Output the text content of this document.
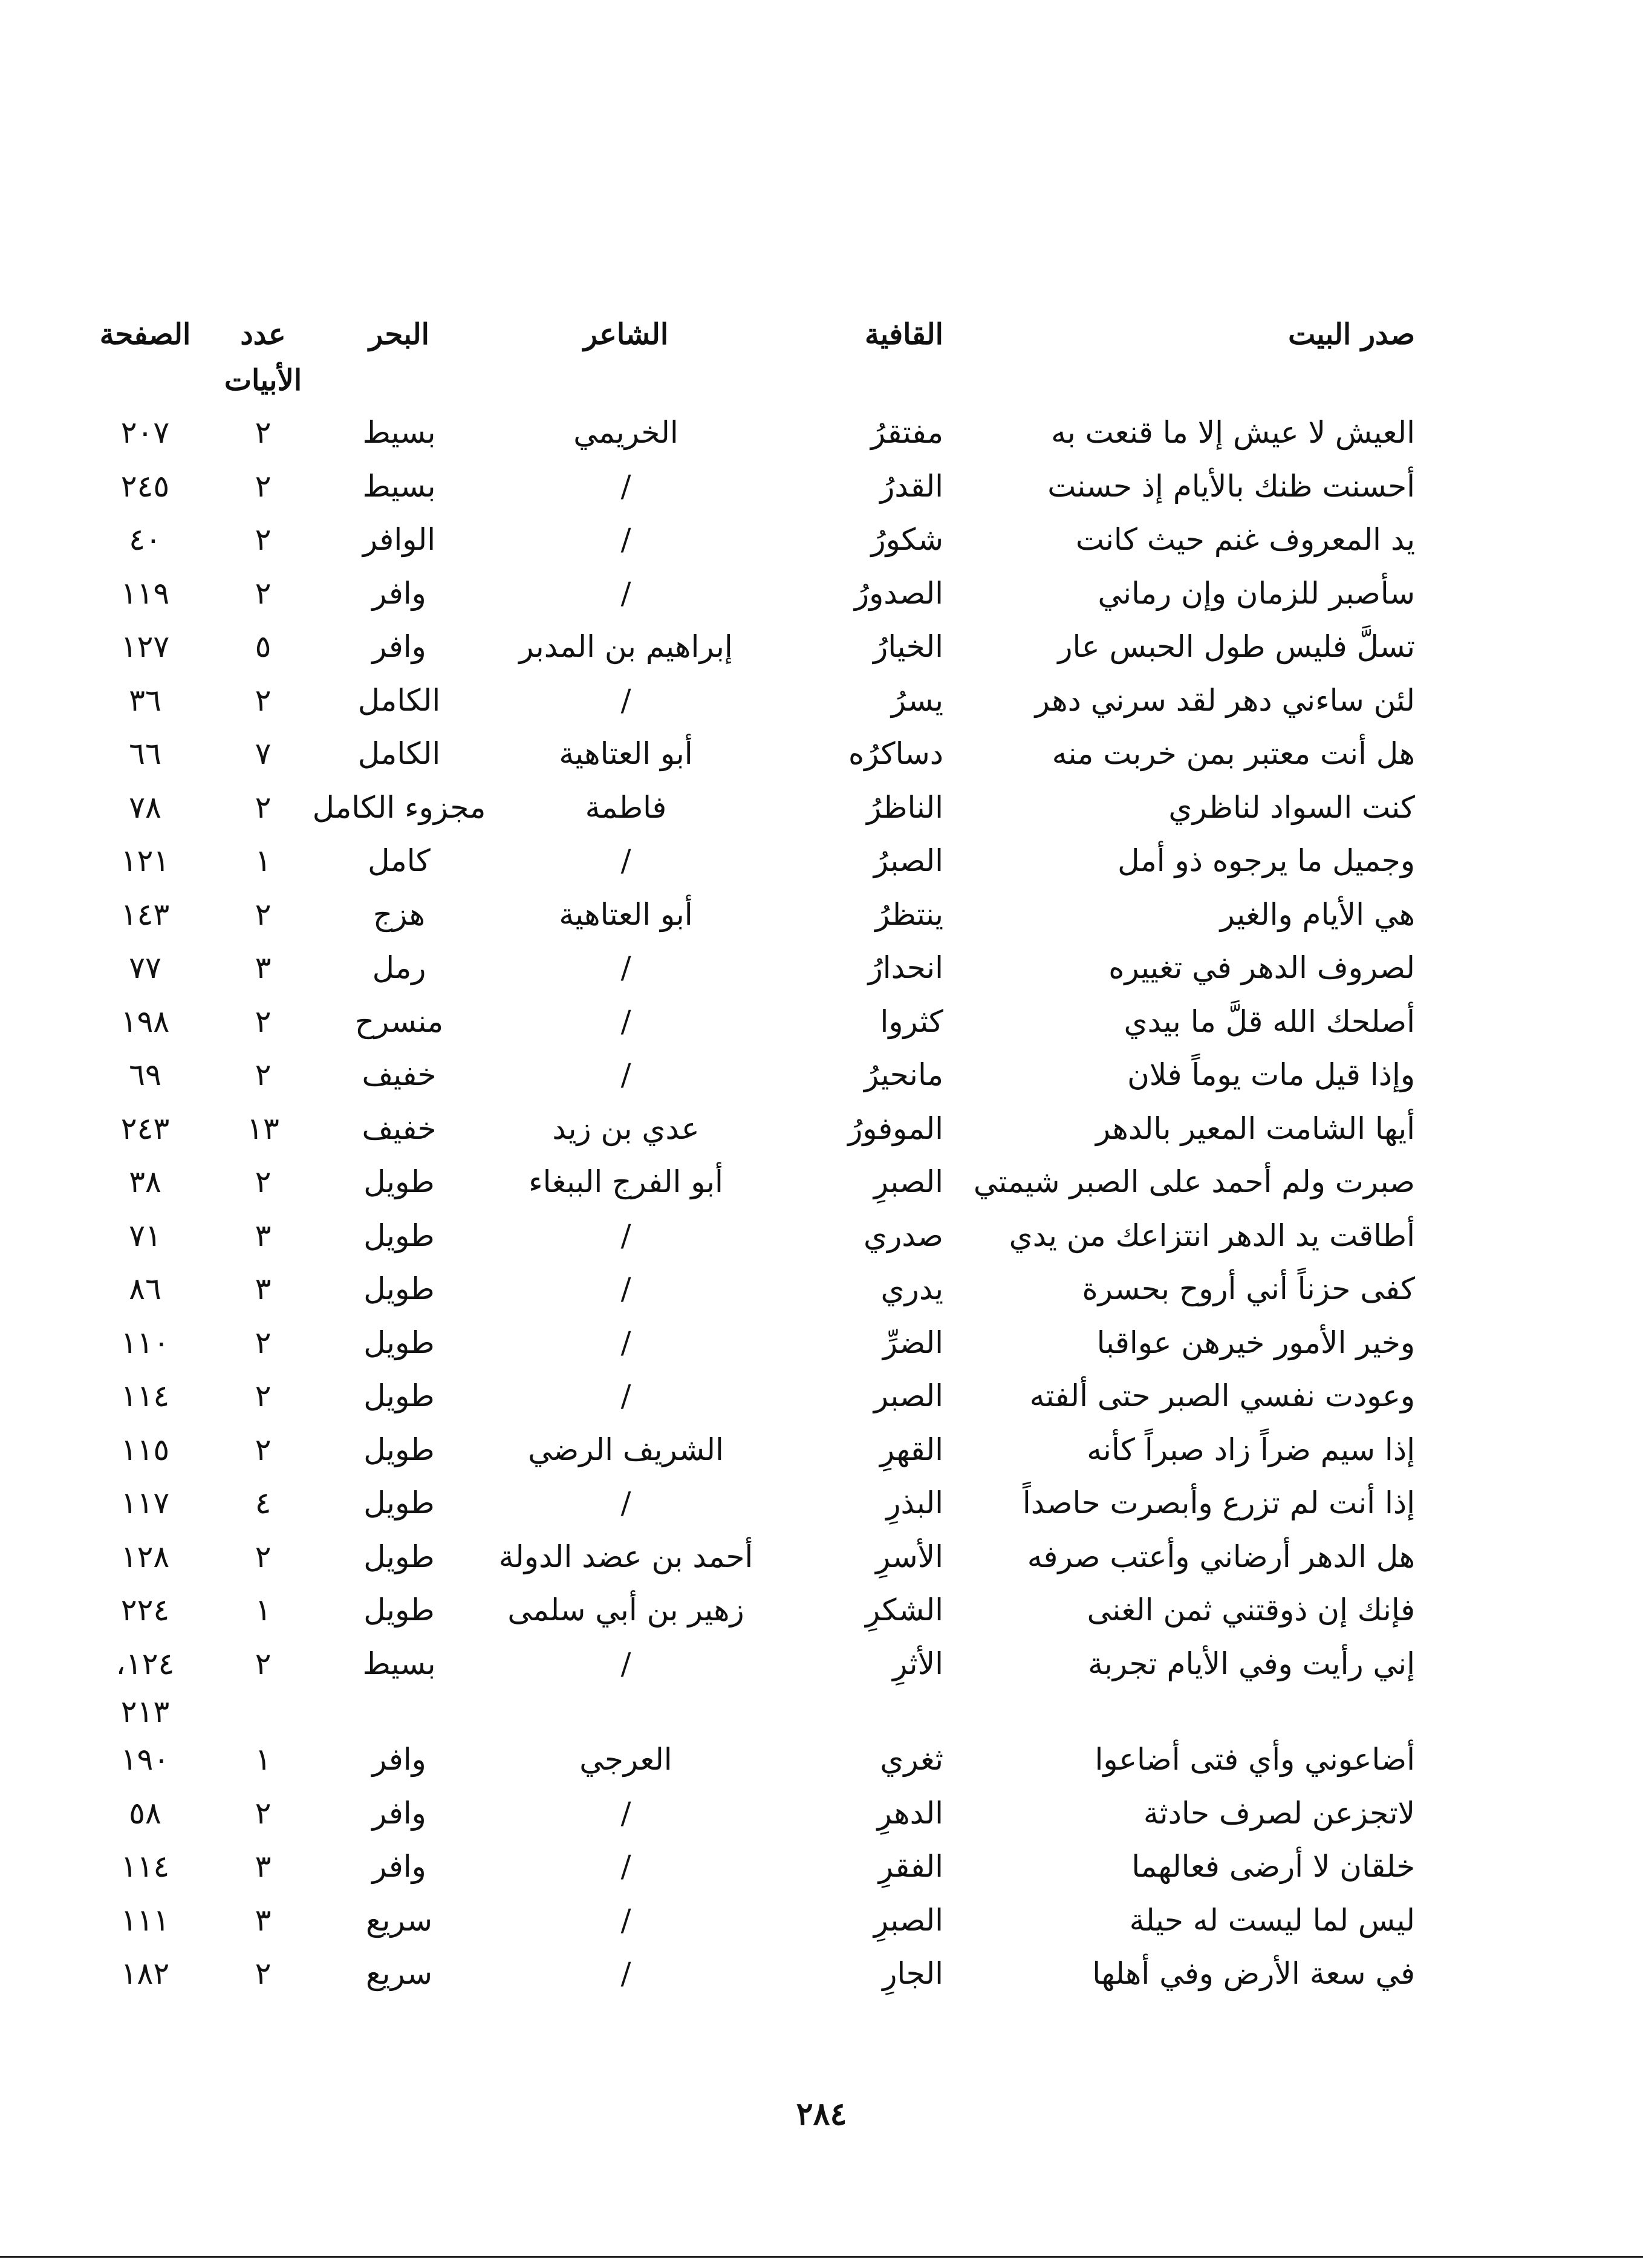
صدر البيت	القافية	الشاعر	البحر	عدد	الصفحة
				الأبيات	
العيش لا عيش إلا ما قنعت به	مفتقرُ	الخريمي	بسيط	٢	٢٠٧
أحسنت ظنك بالأيام إذ حسنت	القدرُ	/	بسيط	٢	٢٤٥
يد المعروف غنم حيث كانت	شكورُ	/	الوافر	٢	٤٠
سأصبر للزمان وإن رماني	الصدورُ	/	وافر	٢	١١٩
تسلَّ فليس طول الحبس عار	الخيارُ	إبراهيم بن المدبر	وافر	٥	١٢٧
لئن ساءني دهر لقد سرني دهر	يسرُ	/	الكامل	٢	٣٦
هل أنت معتبر بمن خربت منه	دساكرُه	أبو العتاهية	الكامل	٧	٦٦
كنت السواد لناظري	الناظرُ	فاطمة	مجزوء الكامل	٢	٧٨
وجميل ما يرجوه ذو أمل	الصبرُ	/	كامل	١	١٢١
هي الأيام والغير	ينتظرُ	أبو العتاهية	هزج	٢	١٤٣
لصروف الدهر في تغييره	انحدارُ	/	رمل	٣	٧٧
أصلحك الله قلَّ ما بيدي	كثروا	/	منسرح	٢	١٩٨
وإذا قيل مات يوماً فلان	مانحيرُ	/	خفيف	٢	٦٩
أيها الشامت المعير بالدهر	الموفورُ	عدي بن زيد	خفيف	١٣	٢٤٣
صبرت ولم أحمد على الصبر شيمتي	الصبرِ	أبو الفرج الببغاء	طويل	٢	٣٨
أطاقت يد الدهر انتزاعك من يدي	صدري	/	طويل	٣	٧١
كفى حزناً أني أروح بحسرة	يدري	/	طويل	٣	٨٦
وخير الأمور خيرهن عواقبا	الضرِّ	/	طويل	٢	١١٠
وعودت نفسي الصبر حتى ألفته	الصبر	/	طويل	٢	١١٤
إذا سيم ضراً زاد صبراً كأنه	القهرِ	الشريف الرضي	طويل	٢	١١٥
إذا أنت لم تزرع وأبصرت حاصداً	البذرِ	/	طويل	٤	١١٧
هل الدهر أرضاني وأعتب صرفه	الأسرِ	أحمد بن عضد الدولة	طويل	٢	١٢٨
فإنك إن ذوقتني ثمن الغنى	الشكرِ	زهير بن أبي سلمى	طويل	١	٢٢٤
إني رأيت وفي الأيام تجربة	الأثرِ	/	بسيط	٢	١٢٤،
					٢١٣
أضاعوني وأي فتى أضاعوا	ثغري	العرجي	وافر	١	١٩٠
لاتجزعن لصرف حادثة	الدهرِ	/	وافر	٢	٥٨
خلقان لا أرضى فعالهما	الفقرِ	/	وافر	٣	١١٤
ليس لما ليست له حيلة	الصبرِ	/	سريع	٣	١١١
في سعة الأرض وفي أهلها	الجارِ	/	سريع	٢	١٨٢
٢٨٤
